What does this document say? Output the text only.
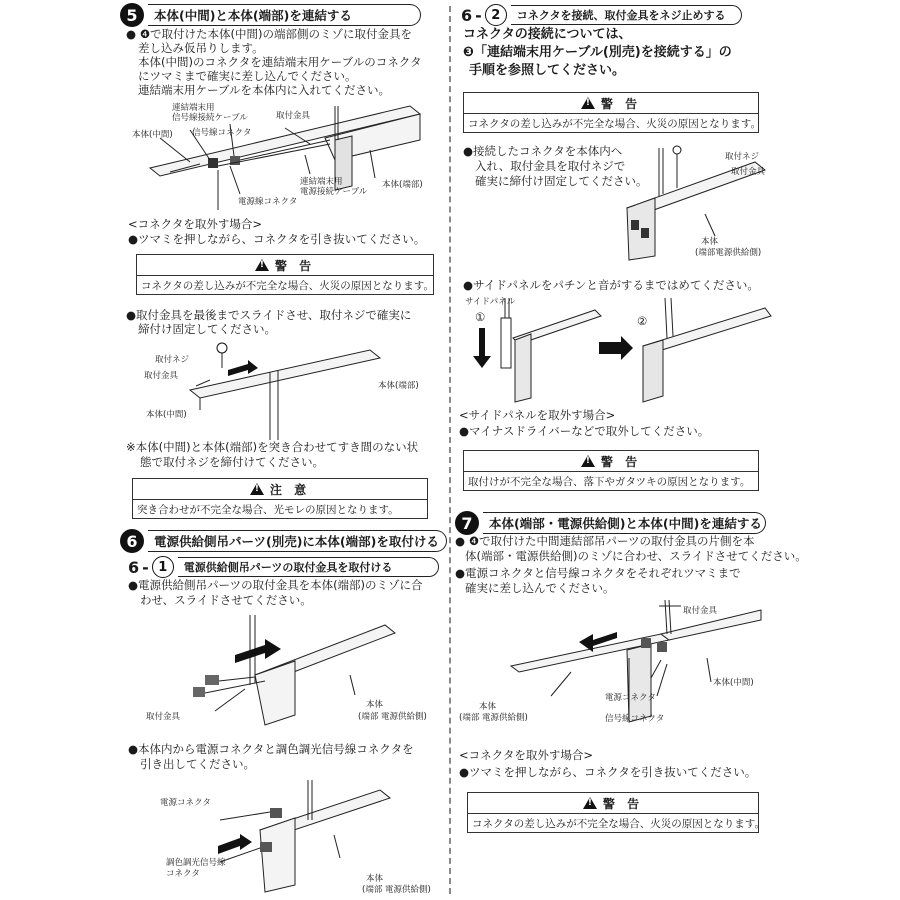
5	本体(中間)と本体(端部)を連結する
● ❹で取付けた本体(中間)の端部側のミゾに取付金具を
差し込み仮吊りします。
本体(中間)のコネクタを連結端末用ケーブルのコネクタ
にツマミまで確実に差し込んでください。
連結端末用ケーブルを本体内に入れてください。
連結端末用
信号線接続ケーブル	取付金具
本体(中間) 信号線コネクタ
連結端末用
電源接続ケーブル
本体(端部)
電源線コネクタ
<コネクタを取外す場合>
●ツマミを押しながら、コネクタを引き抜いてください。
!
警 告
コネクタの差し込みが不完全な場合、火災の原因となります。
●取付金具を最後までスライドさせ、取付ネジで確実に
締付け固定してください。
取付ネジ
取付金具
本体(端部)
本体(中間)
※本体(中間)と本体(端部)を突き合わせてすき間のない状
態で取付ネジを締付けてください。
!
注 意
突き合わせが不完全な場合、光モレの原因となります。
6	電源供給側吊パーツ(別売)に本体(端部)を取付ける
6 - 1	電源供給側吊パーツの取付金具を取付ける
●電源供給側吊パーツの取付金具を本体(端部)のミゾに合
わせ、スライドさせてください。
取付金具
本体
(端部 電源供給側)
●本体内から電源コネクタと調色調光信号線コネクタを
引き出してください。
電源コネクタ
調色調光信号線
コネクタ	本体
(端部 電源供給側)
6 - 2	コネクタを接続、取付金具をネジ止めする
コネクタの接続については、
❸「連結端末用ケーブル(別売)を接続する」の
手順を参照してください。
!
警 告
コネクタの差し込みが不完全な場合、火災の原因となります。
●接続したコネクタを本体内へ
入れ、取付金具を取付ネジで
確実に締付け固定してください。
取付ネジ
取付金具
本体
(端部電源供給側)
●サイドパネルをパチンと音がするまではめてください。
サイドパネル
①	②
<サイドパネルを取外す場合>
●マイナスドライバーなどで取外してください。
!
警 告
取付けが不完全な場合、落下やガタツキの原因となります。
7	本体(端部・電源供給側)と本体(中間)を連結する
● ❹で取付けた中間連結部吊パーツの取付金具の片側を本
体(端部・電源供給側)のミゾに合わせ、スライドさせてください。
●電源コネクタと信号線コネクタをそれぞれツマミまで
確実に差し込んでください。
取付金具
本体(中間)
本体
(端部 電源供給側)
電源コネクタ
信号線コネクタ
<コネクタを取外す場合>
●ツマミを押しながら、コネクタを引き抜いてください。
!
警 告
コネクタの差し込みが不完全な場合、火災の原因となります。
